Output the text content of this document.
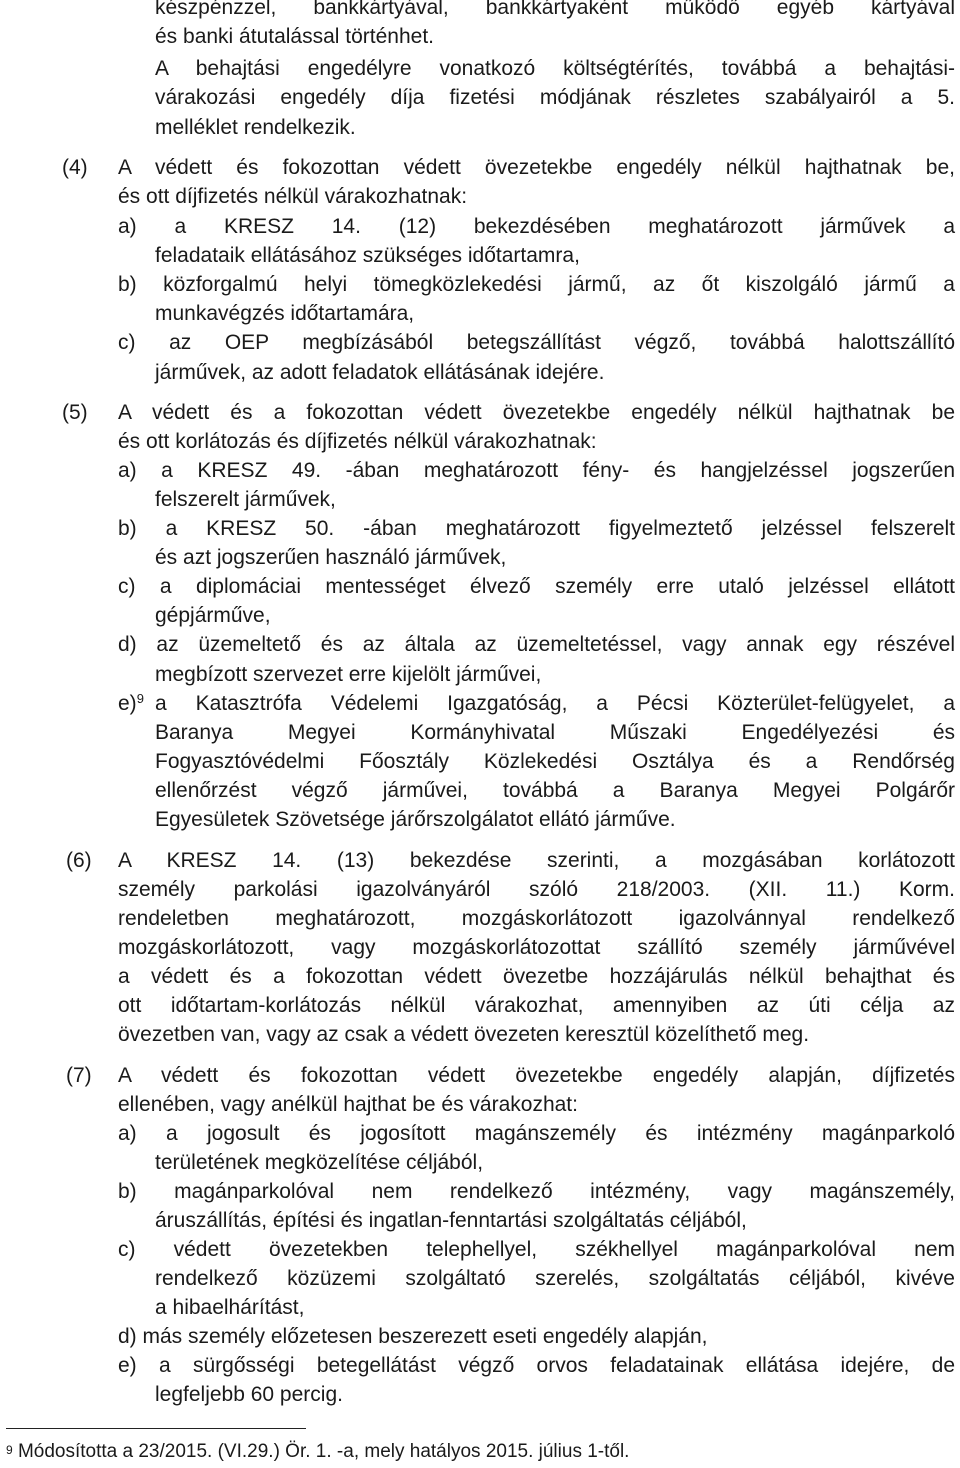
készpénzzel, bankkártyával, bankkártyaként működő egyéb kártyával
és banki átutalással történhet.
A behajtási engedélyre vonatkozó költségtérítés, továbbá a behajtási-
várakozási engedély díja fizetési módjának részletes szabályairól a 5.
melléklet rendelkezik.
(4) A védett és fokozottan védett övezetekbe engedély nélkül hajthatnak be,
és ott díjfizetés nélkül várakozhatnak:
a) a KRESZ 14. (12) bekezdésében meghatározott járművek a
feladataik ellátásához szükséges időtartamra,
b) közforgalmú helyi tömegközlekedési jármű, az őt kiszolgáló jármű a
munkavégzés időtartamára,
c) az OEP megbízásából betegszállítást végző, továbbá halottszállító
járművek, az adott feladatok ellátásának idejére.
(5) A védett és a fokozottan védett övezetekbe engedély nélkül hajthatnak be
és ott korlátozás és díjfizetés nélkül várakozhatnak:
a) a KRESZ 49. -ában meghatározott fény- és hangjelzéssel jogszerűen
felszerelt járművek,
b) a KRESZ 50. -ában meghatározott figyelmeztető jelzéssel felszerelt
és azt jogszerűen használó járművek,
c) a diplomáciai mentességet élvező személy erre utaló jelzéssel ellátott
gépjárműve,
d) az üzemeltető és az általa az üzemeltetéssel, vagy annak egy részével
megbízott szervezet erre kijelölt járművei,
e)$^9$ a Katasztrófa Védelemi Igazgatóság, a Pécsi Közterület-felügyelet, a
Baranya Megyei Kormányhivatal Műszaki Engedélyezési és
Fogyasztóvédelmi Főosztály Közlekedési Osztálya és a Rendőrség
ellenőrzést végző járművei, továbbá a Baranya Megyei Polgárőr
Egyesületek Szövetsége járőrszolgálatot ellátó járműve.
(6) A KRESZ 14. (13) bekezdése szerinti, a mozgásában korlátozott
személy parkolási igazolványáról szóló 218/2003. (XII. 11.) Korm.
rendeletben meghatározott, mozgáskorlátozott igazolvánnyal rendelkező
mozgáskorlátozott, vagy mozgáskorlátozottat szállító személy járművével
a védett és a fokozottan védett övezetbe hozzájárulás nélkül behajthat és
ott időtartam-korlátozás nélkül várakozhat, amennyiben az úti célja az
övezetben van, vagy az csak a védett övezeten keresztül közelíthető meg.
(7) A védett és fokozottan védett övezetekbe engedély alapján, díjfizetés
ellenében, vagy anélkül hajthat be és várakozhat:
a) a jogosult és jogosított magánszemély és intézmény magánparkoló
területének megközelítése céljából,
b) magánparkolóval nem rendelkező intézmény, vagy magánszemély,
áruszállítás, építési és ingatlan-fenntartási szolgáltatás céljából,
c) védett övezetekben telephellyel, székhellyel magánparkolóval nem
rendelkező közüzemi szolgáltató szerelés, szolgáltatás céljából, kivéve
a hibaelhárítást,
d) más személy előzetesen beszerezett eseti engedély alapján,
e) a sürgősségi betegellátást végző orvos feladatainak ellátása idejére, de
legfeljebb 60 percig.
$^9$ Módosította a 23/2015. (VI.29.) Ör. 1. -a, mely hatályos 2015. július 1-től.
